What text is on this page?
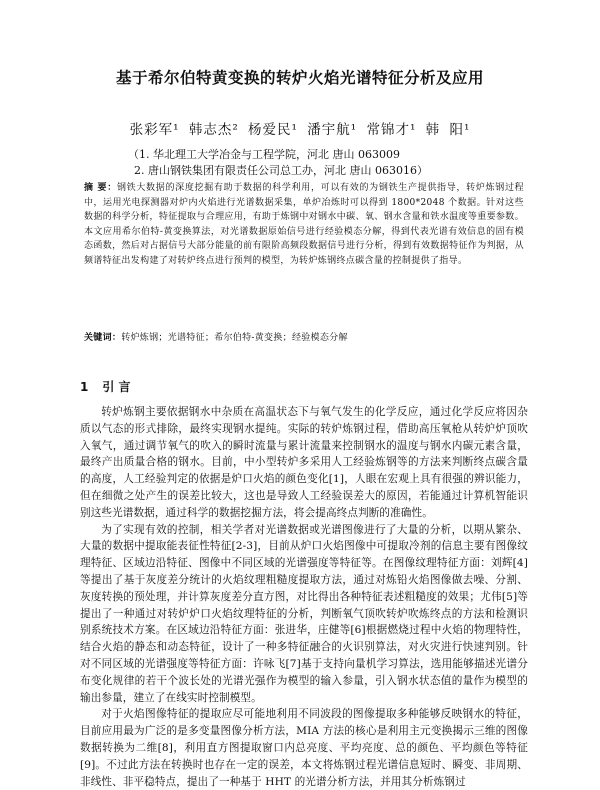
基于希尔伯特黄变换的转炉火焰光谱特征分析及应用
张彩军¹ 韩志杰² 杨爱民¹ 潘宇航¹ 常锦才¹ 韩 阳¹
（1. 华北理工大学冶金与工程学院，河北 唐山 063009
2. 唐山钢铁集团有限责任公司总工办，河北 唐山 063016）
摘 要：钢铁大数据的深度挖掘有助于数据的科学利用，可以有效的为钢铁生产提供指导，转炉炼钢过程中，运用光电探测器对炉内火焰进行光谱数据采集，单炉冶炼时可以得到 1800*2048 个数据。针对这些数据的科学分析，特征提取与合理应用，有助于炼钢中对钢水中碳、氧、钢水含量和铁水温度等重要参数。本文应用希尔伯特-黄变换算法，对光谱数据原始信号进行经验模态分解，得到代表光谱有效信息的固有模态函数，然后对占据信号大部分能量的前有限阶高频段数据信号进行分析，得到有效数据特征作为判据，从频谱特征出发构建了对转炉终点进行预判的模型，为转炉炼钢终点碳含量的控制提供了指导。
关键词：转炉炼钢；光谱特征；希尔伯特-黄变换；经验模态分解
1 引 言

转炉炼钢主要依据钢水中杂质在高温状态下与氧气发生的化学反应，通过化学反应将因杂质以气态的形式排除，最终实现钢水提纯。实际的转炉炼钢过程，借助高压氧枪从转炉炉顶吹入氧气，通过调节氧气的吹入的瞬时流量与累计流量来控制钢水的温度与钢水内碳元素含量，最终产出质量合格的钢水。目前，中小型转炉多采用人工经验炼钢等的方法来判断终点碳含量的高度，人工经验判定的依据是炉口火焰的颜色变化[1]，人眼在宏观上具有很强的辨识能力，但在细微之处产生的误差比较大，这也是导致人工经验误差大的原因，若能通过计算机智能识别这些光谱数据，通过科学的数据挖掘方法，将会提高终点判断的准确性。

为了实现有效的控制，相关学者对光谱数据或光谱图像进行了大量的分析，以期从繁杂、大量的数据中提取能表征性特征[2-3]，目前从炉口火焰图像中可提取冷剂的信息主要有图像纹理特征、区域边沿特征、图像中不同区域的光谱强度等特征等。在图像纹理特征方面：刘辉[4]等提出了基于灰度差分统计的火焰纹理粗糙度提取方法，通过对炼铅火焰图像做去噪、分割、灰度转换的预处理，并计算灰度差分直方图，对比得出各种特征表述粗糙度的效果；尤伟[5]等提出了一种通过对转炉炉口火焰纹理特征的分析，判断氧气顶吹转炉吹炼终点的方法和检测识别系统技术方案。在区域边沿特征方面：张进华，庄健等[6]根据燃烧过程中火焰的物理特性，结合火焰的静态和动态特征，设计了一种多特征融合的火识别算法，对火灾进行快速判别。针对不同区域的光谱强度等特征方面：许咏飞[7]基于支持向量机学习算法，选用能够描述光谱分布变化规律的若干个波长处的光谱光强作为模型的输入参量，引入钢水状态值的量作为模型的输出参量，建立了在线实时控制模型。

对于火焰图像特征的提取应尽可能地利用不同波段的图像提取多种能够反映钢水的特征，目前应用最为广泛的是多变量图像分析方法，MIA 方法的核心是利用主元变换揭示三维的图像数据转换为二维[8]，利用直方图提取窗口内总亮度、平均亮度、总的颜色、平均颜色等特征[9]。不过此方法在转换时也存在一定的误差，本文将炼钢过程光谱信息短时、瞬变、非周期、非线性、非平稳特点，提出了一种基于 HHT 的光谱分析方法，并用其分析炼钢过
